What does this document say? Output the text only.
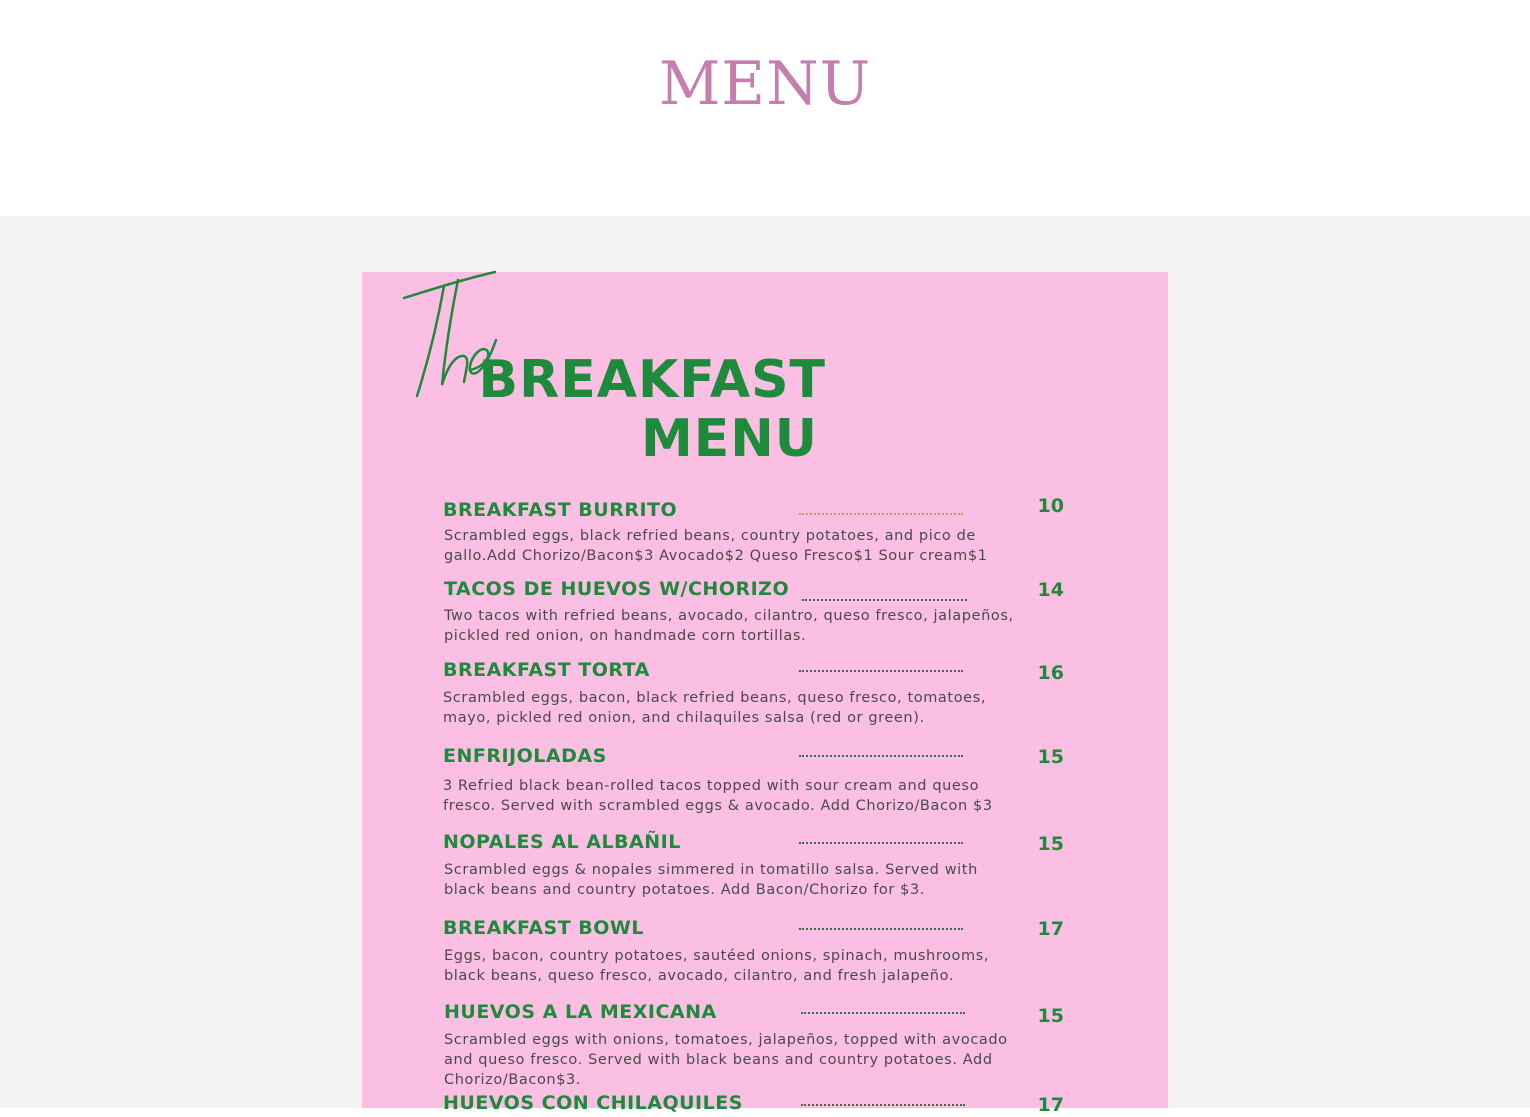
MENU
BREAKFAST
MENU
BREAKFAST BURRITO	10
Scrambled eggs, black refried beans, country potatoes, and pico de
gallo.Add Chorizo/Bacon$3 Avocado$2 Queso Fresco$1 Sour cream$1
TACOS DE HUEVOS W/CHORIZO	14
Two tacos with refried beans, avocado, cilantro, queso fresco, jalapeños,
pickled red onion, on handmade corn tortillas.
BREAKFAST TORTA	16
Scrambled eggs, bacon, black refried beans, queso fresco, tomatoes,
mayo, pickled red onion, and chilaquiles salsa (red or green).
ENFRIJOLADAS	15
3 Refried black bean-rolled tacos topped with sour cream and queso
fresco. Served with scrambled eggs & avocado. Add Chorizo/Bacon $3
NOPALES AL ALBAÑIL	15
Scrambled eggs & nopales simmered in tomatillo salsa. Served with
black beans and country potatoes. Add Bacon/Chorizo for $3.
BREAKFAST BOWL	17
Eggs, bacon, country potatoes, sautéed onions, spinach, mushrooms,
black beans, queso fresco, avocado, cilantro, and fresh jalapeño.
HUEVOS A LA MEXICANA	15
Scrambled eggs with onions, tomatoes, jalapeños, topped with avocado
and queso fresco. Served with black beans and country potatoes. Add
Chorizo/Bacon$3.
HUEVOS CON CHILAQUILES	17
